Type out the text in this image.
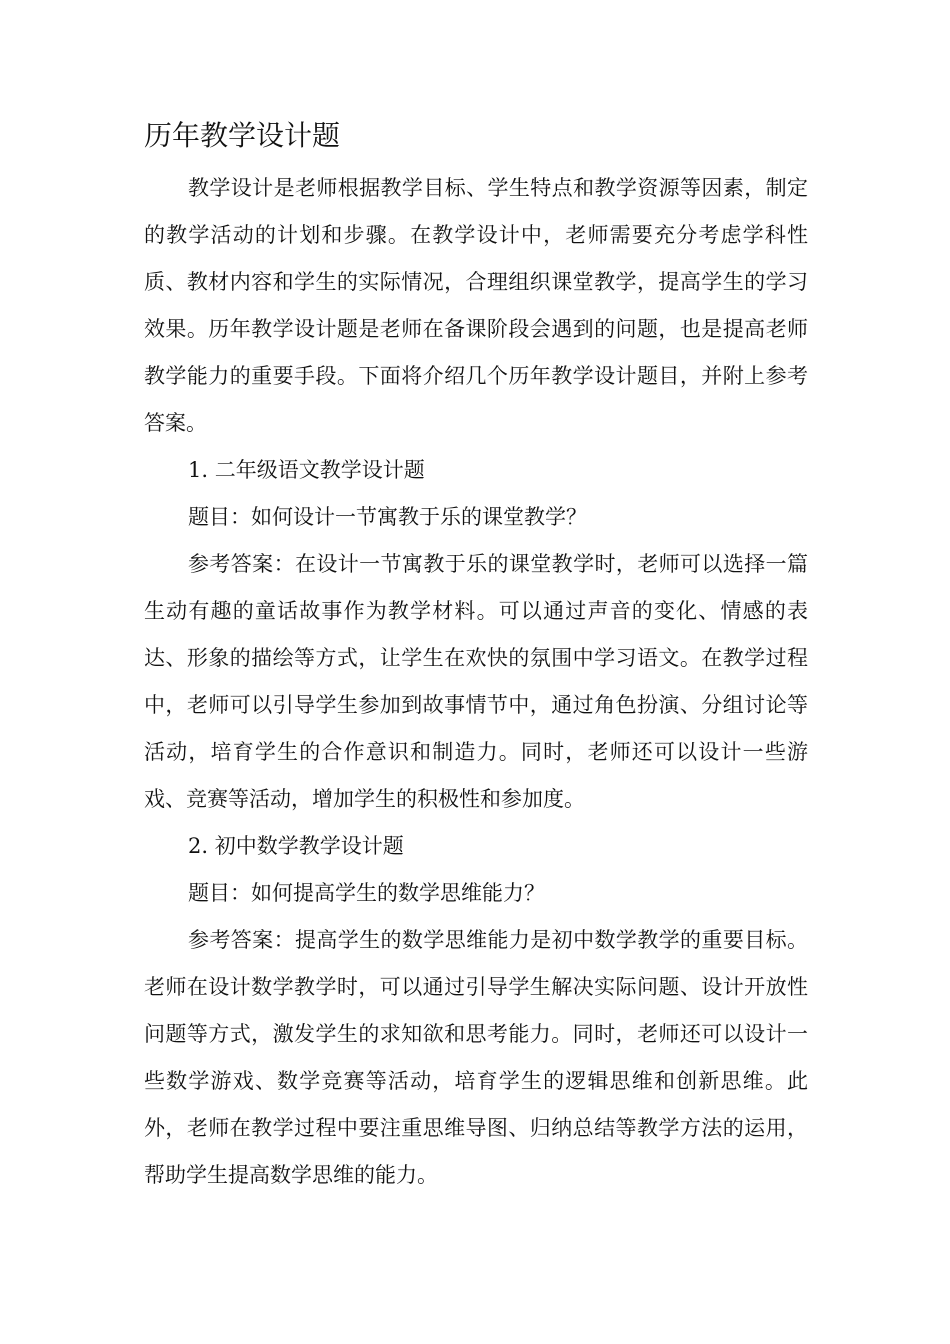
历年教学设计题

教学设计是老师根据教学目标、学生特点和教学资源等因素，制定的教学活动的计划和步骤。在教学设计中，老师需要充分考虑学科性质、教材内容和学生的实际情况，合理组织课堂教学，提高学生的学习效果。历年教学设计题是老师在备课阶段会遇到的问题，也是提高老师教学能力的重要手段。下面将介绍几个历年教学设计题目，并附上参考答案。

1. 二年级语文教学设计题

题目：如何设计一节寓教于乐的课堂教学？

参考答案：在设计一节寓教于乐的课堂教学时，老师可以选择一篇生动有趣的童话故事作为教学材料。可以通过声音的变化、情感的表达、形象的描绘等方式，让学生在欢快的氛围中学习语文。在教学过程中，老师可以引导学生参加到故事情节中，通过角色扮演、分组讨论等活动，培育学生的合作意识和制造力。同时，老师还可以设计一些游戏、竞赛等活动，增加学生的积极性和参加度。

2. 初中数学教学设计题

题目：如何提高学生的数学思维能力？

参考答案：提高学生的数学思维能力是初中数学教学的重要目标。老师在设计数学教学时，可以通过引导学生解决实际问题、设计开放性问题等方式，激发学生的求知欲和思考能力。同时，老师还可以设计一些数学游戏、数学竞赛等活动，培育学生的逻辑思维和创新思维。此外，老师在教学过程中要注重思维导图、归纳总结等教学方法的运用，帮助学生提高数学思维的能力。
